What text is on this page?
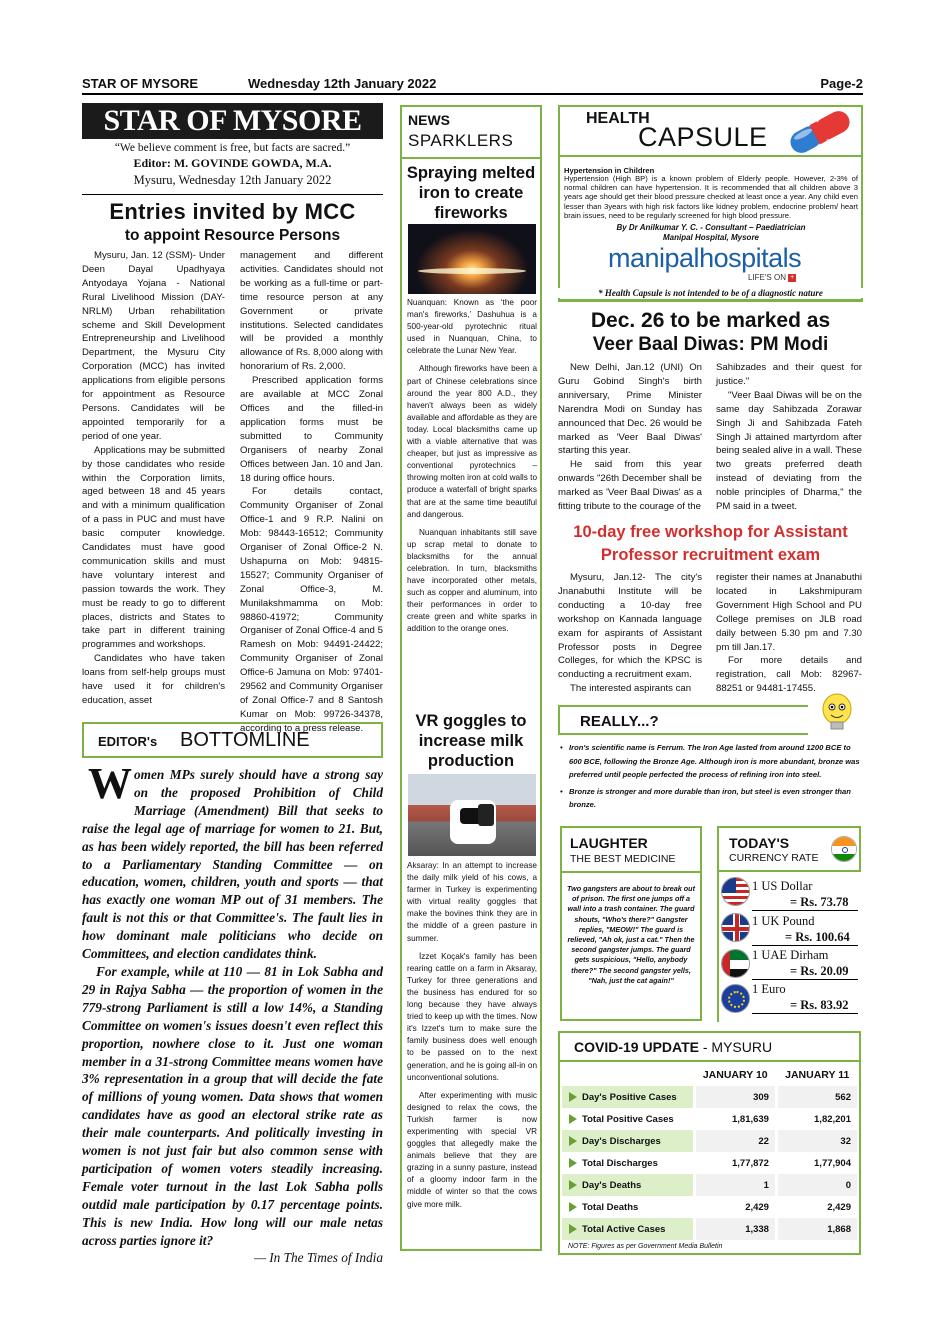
STAR OF MYSORE	Wednesday 12th January 2022	Page-2
STAR OF MYSORE
“We believe comment is free, but facts are sacred.”
Editor: M. GOVINDE GOWDA, M.A.
Mysuru, Wednesday 12th January 2022
Entries invited by MCC
to appoint Resource Persons

Mysuru, Jan. 12 (SSM)- Under Deen Dayal Upadhyaya Antyodaya Yojana - National Rural Livelihood Mission (DAY-NRLM) Urban rehabilitation scheme and Skill Development Entrepreneurship and Livelihood Department, the Mysuru City Corporation (MCC) has invited applications from eligible persons for appointment as Resource Persons. Candidates will be appointed temporarily for a period of one year.

Applications may be submitted by those candidates who reside within the Corporation limits, aged between 18 and 45 years and with a minimum qualification of a pass in PUC and must have basic computer knowledge. Candidates must have good communication skills and must have voluntary interest and passion towards the work. They must be ready to go to different places, districts and States to take part in different training programmes and workshops.

Candidates who have taken loans from self-help groups must have used it for children's education, asset

management and different activities. Candidates should not be working as a full-time or part-time resource person at any Government or private institutions. Selected candidates will be provided a monthly allowance of Rs. 8,000 along with honorarium of Rs. 2,000.

Prescribed application forms are available at MCC Zonal Offices and the filled-in application forms must be submitted to Community Organisers of nearby Zonal Offices between Jan. 10 and Jan. 18 during office hours.

For details contact, Community Organiser of Zonal Office-1 and 9 R.P. Nalini on Mob: 98443-16512; Community Organiser of Zonal Office-2 N. Ushapurna on Mob: 94815-15527; Community Organiser of Zonal Office-3, M. Munilakshmamma on Mob: 98860-41972; Community Organiser of Zonal Office-4 and 5 Ramesh on Mob: 94491-24422; Community Organiser of Zonal Office-6 Jamuna on Mob: 97401-29562 and Community Organiser of Zonal Office-7 and 8 Santosh Kumar on Mob: 99726-34378, according to a press release.

EDITOR's BOTTOMLINE

Women MPs surely should have a strong say on the proposed Prohibition of Child Marriage (Amendment) Bill that seeks to raise the legal age of marriage for women to 21. But, as has been widely reported, the bill has been referred to a Parliamentary Standing Committee — on education, women, children, youth and sports — that has exactly one woman MP out of 31 members. The fault is not this or that Committee's. The fault lies in how dominant male politicians who decide on Committees, and election candidates think.

For example, while at 110 — 81 in Lok Sabha and 29 in Rajya Sabha — the proportion of women in the 779-strong Parliament is still a low 14%, a Standing Committee on women's issues doesn't even reflect this proportion, nowhere close to it. Just one woman member in a 31-strong Committee means women have 3% representation in a group that will decide the fate of millions of young women. Data shows that women candidates have as good an electoral strike rate as their male counterparts. And politically investing in women is not just fair but also common sense with participation of women voters steadily increasing. Female voter turnout in the last Lok Sabha polls outdid male participation by 0.17 percentage points. This is new India. How long will our male netas across parties ignore it?

— In The Times of India
NEWS
SPARKLERS
Spraying melted iron to create fireworks

Nuanquan: Known as ‘the poor man's fireworks,’ Dashuhua is a 500-year-old pyrotechnic ritual used in Nuanquan, China, to celebrate the Lunar New Year.

Although fireworks have been a part of Chinese celebrations since around the year 800 A.D., they haven't always been as widely available and affordable as they are today. Local blacksmiths came up with a viable alternative that was cheaper, but just as impressive as conventional pyrotechnics – throwing molten iron at cold walls to produce a waterfall of bright sparks that are at the same time beautiful and dangerous.

Nuanquan inhabitants still save up scrap metal to donate to blacksmiths for the annual celebration. In turn, blacksmiths have incorporated other metals, such as copper and aluminum, into their performances in order to create green and white sparks in addition to the orange ones.

VR goggles to increase milk production

Aksaray: In an attempt to increase the daily milk yield of his cows, a farmer in Turkey is experimenting with virtual reality goggles that make the bovines think they are in the middle of a green pasture in summer.

İzzet Koçak's family has been rearing cattle on a farm in Aksaray, Turkey for three generations and the business has endured for so long because they have always tried to keep up with the times. Now it's Izzet's turn to make sure the family business does well enough to be passed on to the next generation, and he is going all-in on unconventional solutions.

After experimenting with music designed to relax the cows, the Turkish farmer is now experimenting with special VR goggles that allegedly make the animals believe that they are grazing in a sunny pasture, instead of a gloomy indoor farm in the middle of winter so that the cows give more milk.

HEALTH
CAPSULE
Hypertension in Children
Hypertension (High BP) is a known problem of Elderly people. However, 2-3% of normal children can have hypertension. It is recommended that all children above 3 years age should get their blood pressure checked at least once a year. Any child even lesser than 3years with high risk factors like kidney problem, endocrine problem/ heart brain issues, need to be regularly screened for high blood pressure.
By Dr Anilkumar Y. C. - Consultant – Paediatrician
Manipal Hospital, Mysore
manipalhospitals
LIFE'S ON +
* Health Capsule is not intended to be of a diagnostic nature
Dec. 26 to be marked as
Veer Baal Diwas: PM Modi

New Delhi, Jan.12 (UNI) On Guru Gobind Singh's birth anniversary, Prime Minister Narendra Modi on Sunday has announced that Dec. 26 would be marked as 'Veer Baal Diwas' starting this year.

He said from this year onwards "26th December shall be marked as 'Veer Baal Diwas' as a fitting tribute to the courage of the

Sahibzades and their quest for justice."

"Veer Baal Diwas will be on the same day Sahibzada Zorawar Singh Ji and Sahibzada Fateh Singh Ji attained martyrdom after being sealed alive in a wall. These two greats preferred death instead of deviating from the noble principles of Dharma," the PM said in a tweet.

10-day free workshop for Assistant
Professor recruitment exam

Mysuru, Jan.12- The city's Jnanabuthi Institute will be conducting a 10-day free workshop on Kannada language exam for aspirants of Assistant Professor posts in Degree Colleges, for which the KPSC is conducting a recruitment exam.

The interested aspirants can

register their names at Jnanabuthi located in Lakshmipuram Government High School and PU College premises on JLB road daily between 5.30 pm and 7.30 pm till Jan.17.

For more details and registration, call Mob: 82967-88251 or 94481-17455.

REALLY...?
• Iron's scientific name is Ferrum. The Iron Age lasted from around 1200 BCE to 600 BCE, following the Bronze Age. Although iron is more abundant, bronze was preferred until people perfected the process of refining iron into steel.
• Bronze is stronger and more durable than iron, but steel is even stronger than bronze.
LAUGHTER
THE BEST MEDICINE
Two gangsters are about to break out of prison. The first one jumps off a wall into a trash container. The guard shouts, "Who's there?" Gangster replies, "MEOW!" The guard is relieved, "Ah ok, just a cat." Then the second gangster jumps. The guard gets suspicious, "Hello, anybody there?" The second gangster yells, "Nah, just the cat again!"
TODAY'S
CURRENCY RATE
1 US Dollar
= Rs. 73.78
1 UK Pound
= Rs. 100.64
1 UAE Dirham
= Rs. 20.09
1 Euro
= Rs. 83.92
COVID-19 UPDATE - MYSURU
	JANUARY 10	JANUARY 11
Day's Positive Cases	309	562
Total Positive Cases	1,81,639	1,82,201
Day's Discharges	22	32
Total Discharges	1,77,872	1,77,904
Day's Deaths	1	0
Total Deaths	2,429	2,429
Total Active Cases	1,338	1,868
NOTE: Figures as per Government Media Bulletin
